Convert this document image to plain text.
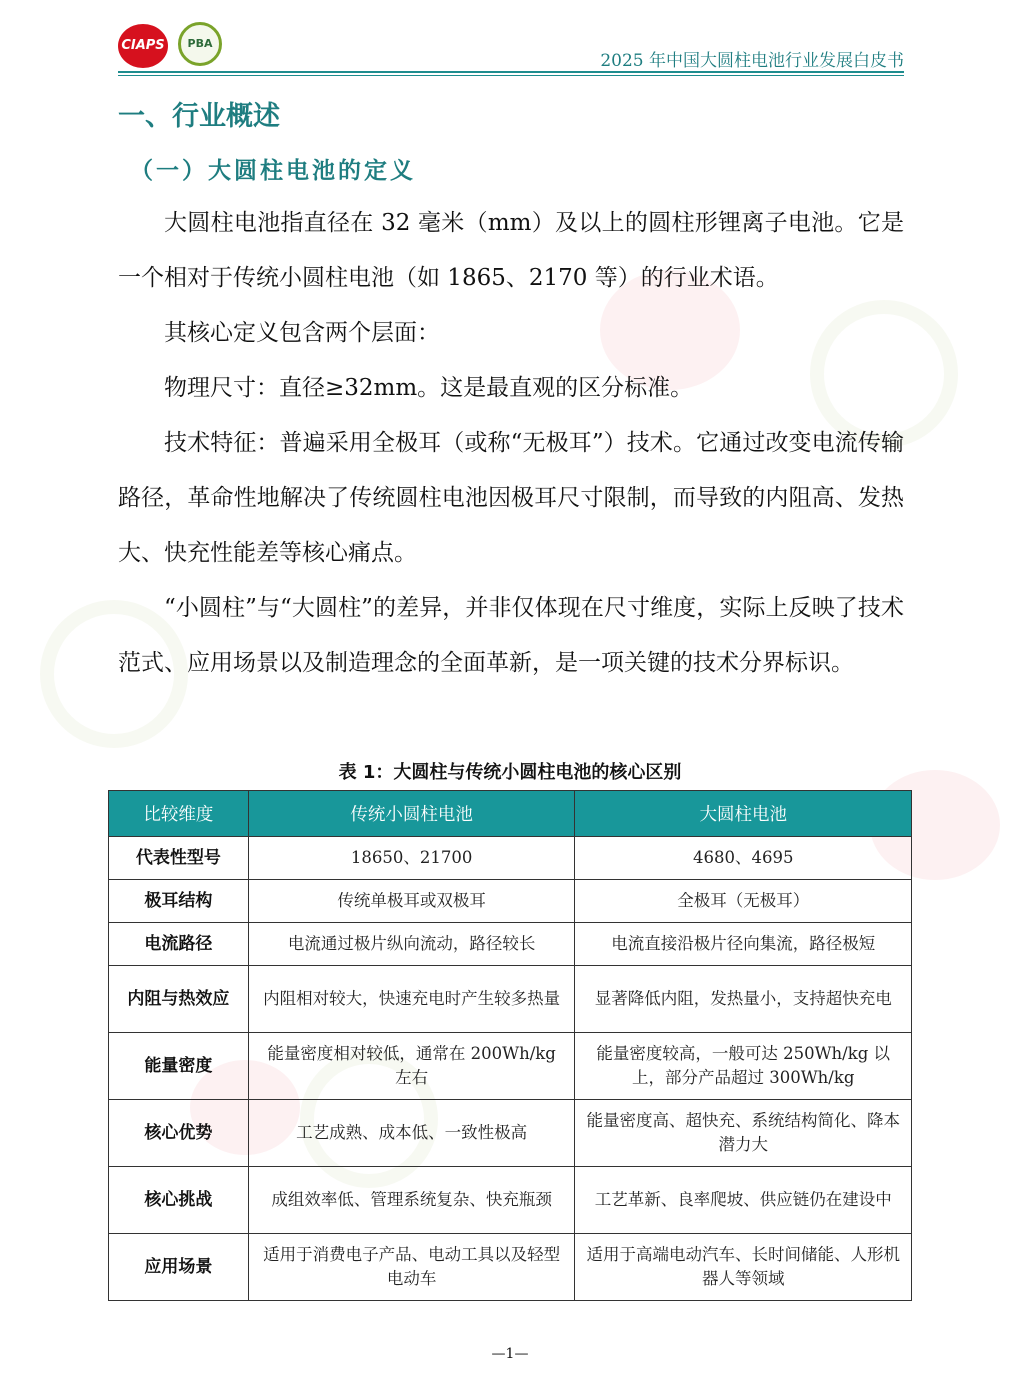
CIAPS	PBA
2025 年中国大圆柱电池行业发展白皮书
一、行业概述
（一）大圆柱电池的定义

大圆柱电池指直径在 32 毫米（mm）及以上的圆柱形锂离子电池。它是一个相对于传统小圆柱电池（如 1865、2170 等）的行业术语。

其核心定义包含两个层面：

物理尺寸：直径≥32mm。这是最直观的区分标准。

技术特征：普遍采用全极耳（或称“无极耳”）技术。它通过改变电流传输路径，革命性地解决了传统圆柱电池因极耳尺寸限制，而导致的内阻高、发热大、快充性能差等核心痛点。

“小圆柱”与“大圆柱”的差异，并非仅体现在尺寸维度，实际上反映了技术范式、应用场景以及制造理念的全面革新，是一项关键的技术分界标识。

表 1：大圆柱与传统小圆柱电池的核心区别
比较维度	传统小圆柱电池	大圆柱电池
代表性型号	18650、21700	4680、4695
极耳结构	传统单极耳或双极耳	全极耳（无极耳）
电流路径	电流通过极片纵向流动，路径较长	电流直接沿极片径向集流，路径极短
内阻与热效应	内阻相对较大，快速充电时产生较多热量	显著降低内阻，发热量小，支持超快充电
能量密度	能量密度相对较低，通常在 200Wh/kg 左右	能量密度较高，一般可达 250Wh/kg 以上，部分产品超过 300Wh/kg
核心优势	工艺成熟、成本低、一致性极高	能量密度高、超快充、系统结构简化、降本潜力大
核心挑战	成组效率低、管理系统复杂、快充瓶颈	工艺革新、良率爬坡、供应链仍在建设中
应用场景	适用于消费电子产品、电动工具以及轻型电动车	适用于高端电动汽车、长时间储能、人形机器人等领域
—1—
